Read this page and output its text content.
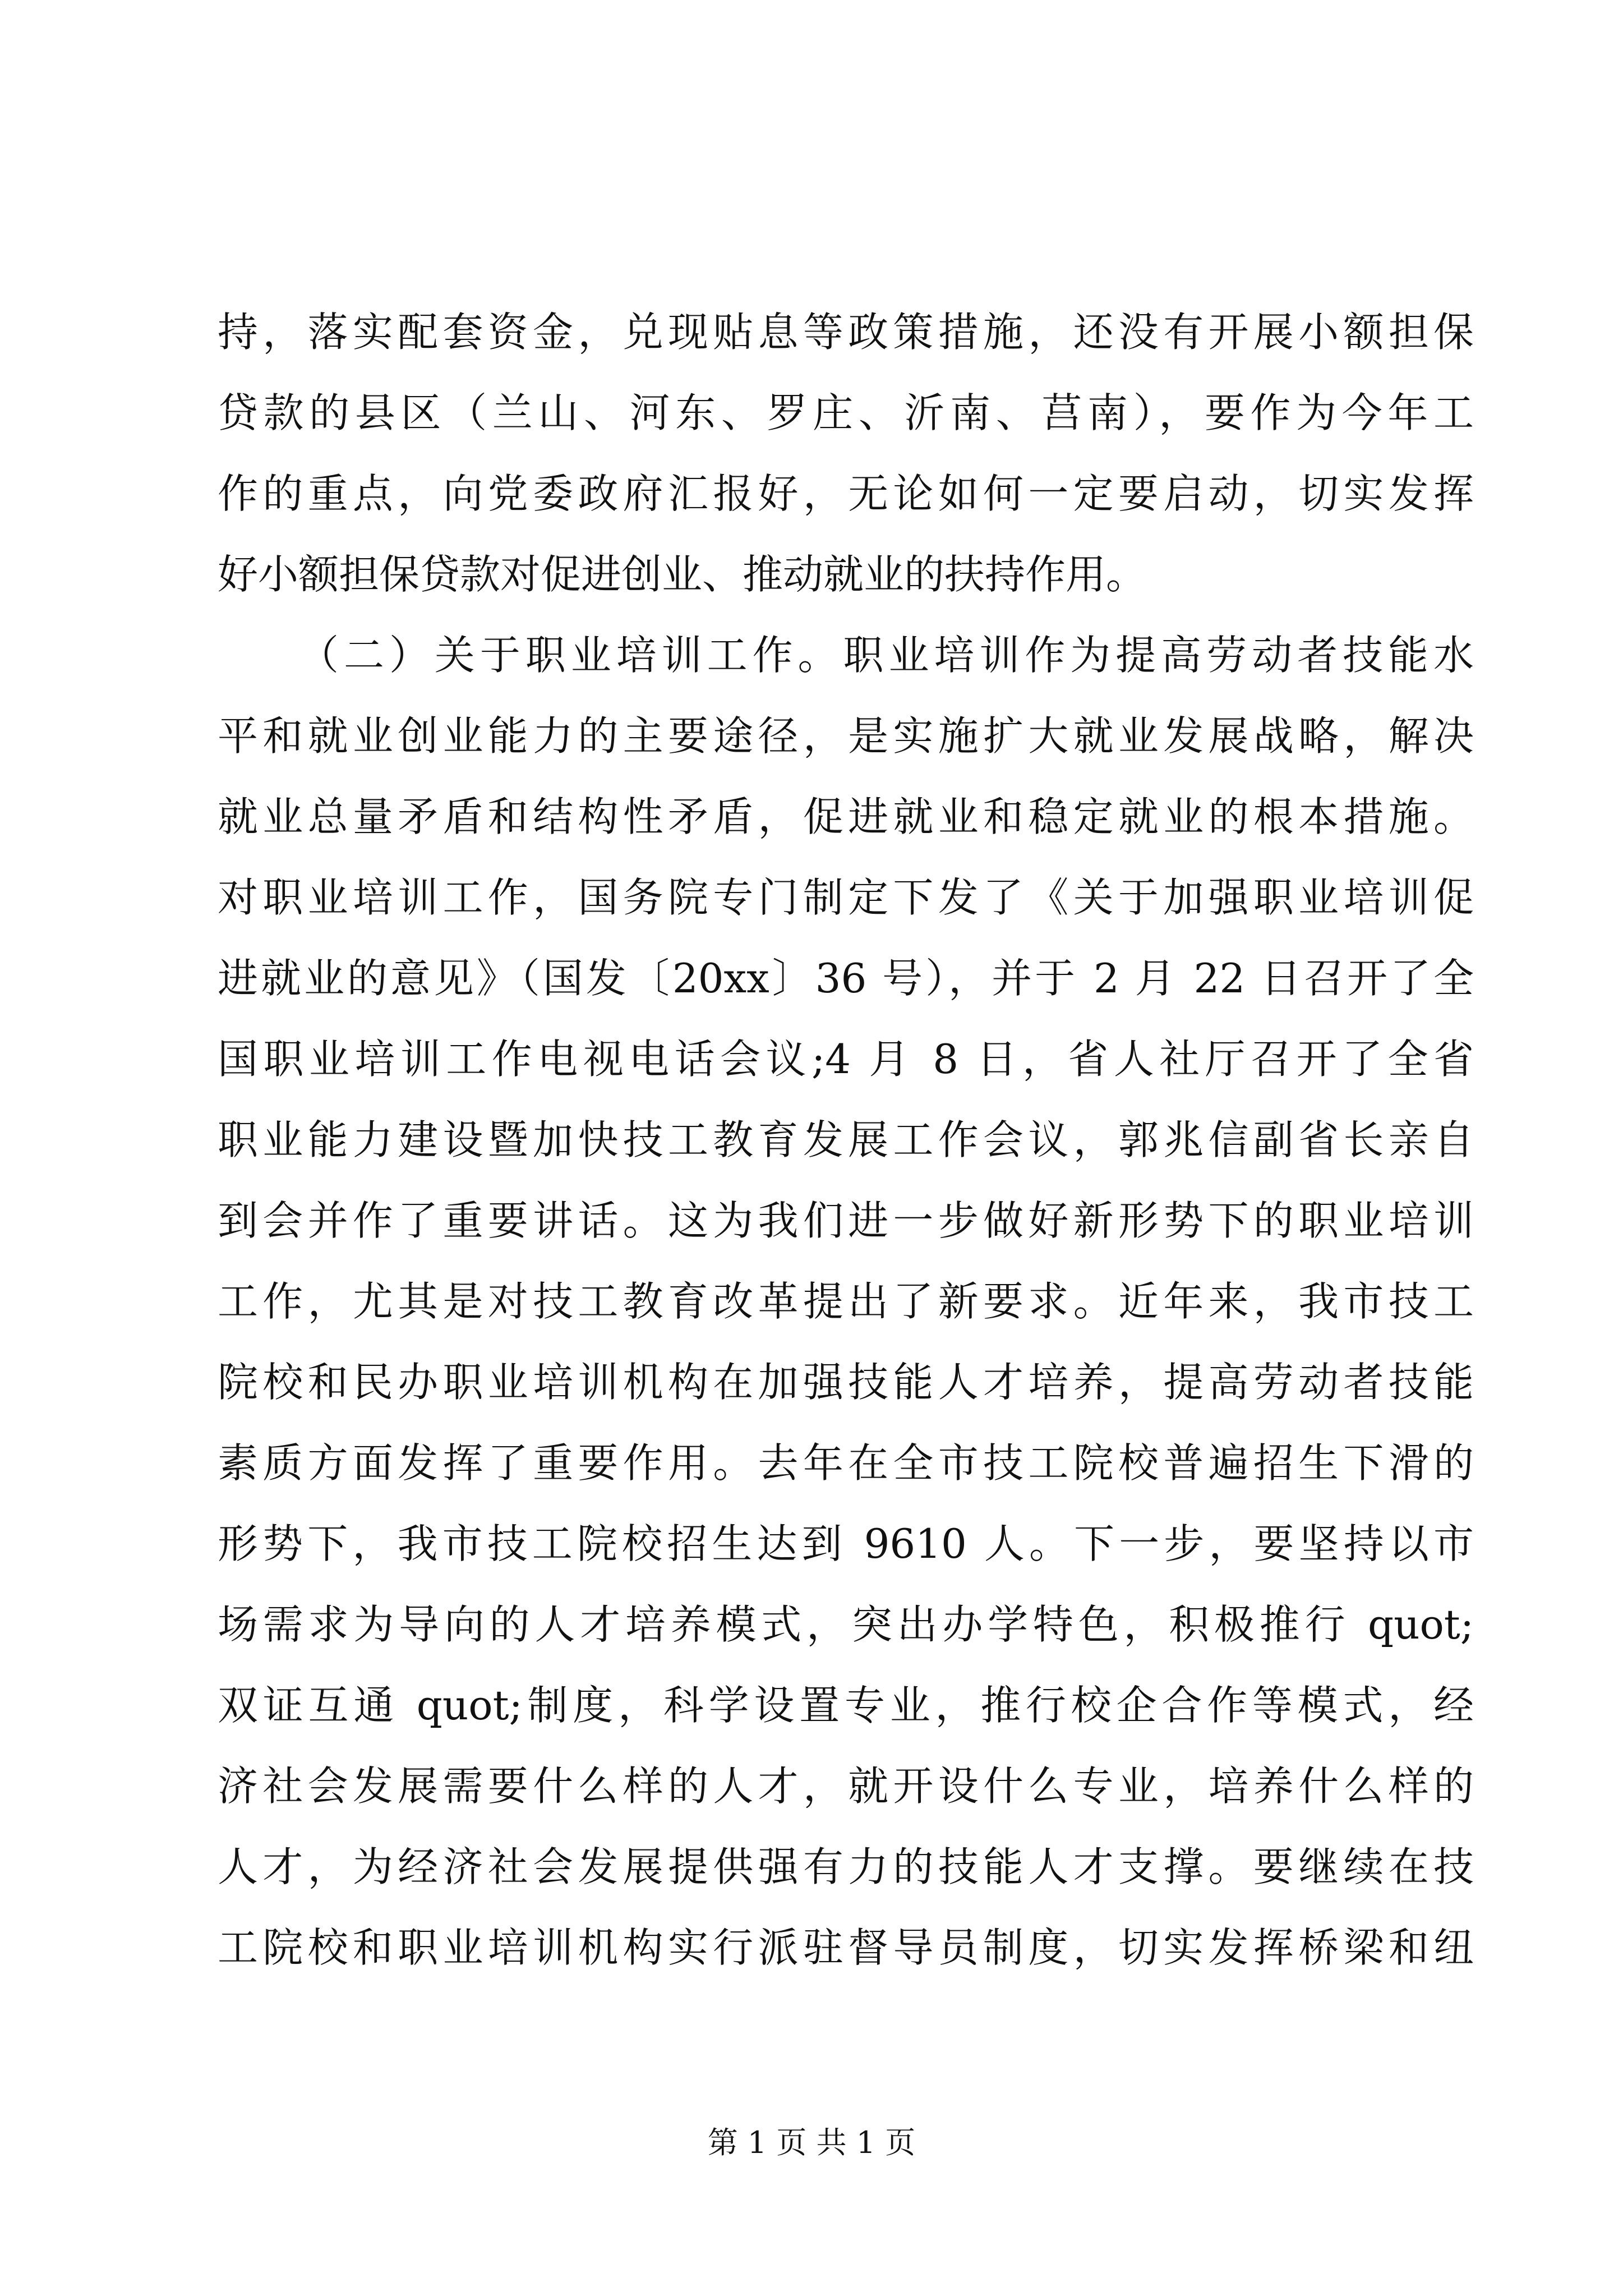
持，落实配套资金，兑现贴息等政策措施，还没有开展小额担保
贷款的县区（兰山、河东、罗庄、沂南、莒南），要作为今年工
作的重点，向党委政府汇报好，无论如何一定要启动，切实发挥
好小额担保贷款对促进创业、推动就业的扶持作用。
（二）关于职业培训工作。职业培训作为提高劳动者技能水
平和就业创业能力的主要途径，是实施扩大就业发展战略，解决
就业总量矛盾和结构性矛盾，促进就业和稳定就业的根本措施。
对职业培训工作，国务院专门制定下发了《关于加强职业培训促
进就业的意见》（国发〔20xx〕36 号），并于 2 月 22 日召开了全
国职业培训工作电视电话会议;4 月 8 日，省人社厅召开了全省
职业能力建设暨加快技工教育发展工作会议，郭兆信副省长亲自
到会并作了重要讲话。这为我们进一步做好新形势下的职业培训
工作，尤其是对技工教育改革提出了新要求。近年来，我市技工
院校和民办职业培训机构在加强技能人才培养，提高劳动者技能
素质方面发挥了重要作用。去年在全市技工院校普遍招生下滑的
形势下，我市技工院校招生达到 9610 人。下一步，要坚持以市
场需求为导向的人才培养模式，突出办学特色，积极推行 quot;
双证互通 quot;制度，科学设置专业，推行校企合作等模式，经
济社会发展需要什么样的人才，就开设什么专业，培养什么样的
人才，为经济社会发展提供强有力的技能人才支撑。要继续在技
工院校和职业培训机构实行派驻督导员制度，切实发挥桥梁和纽
第 1 页 共 1 页
